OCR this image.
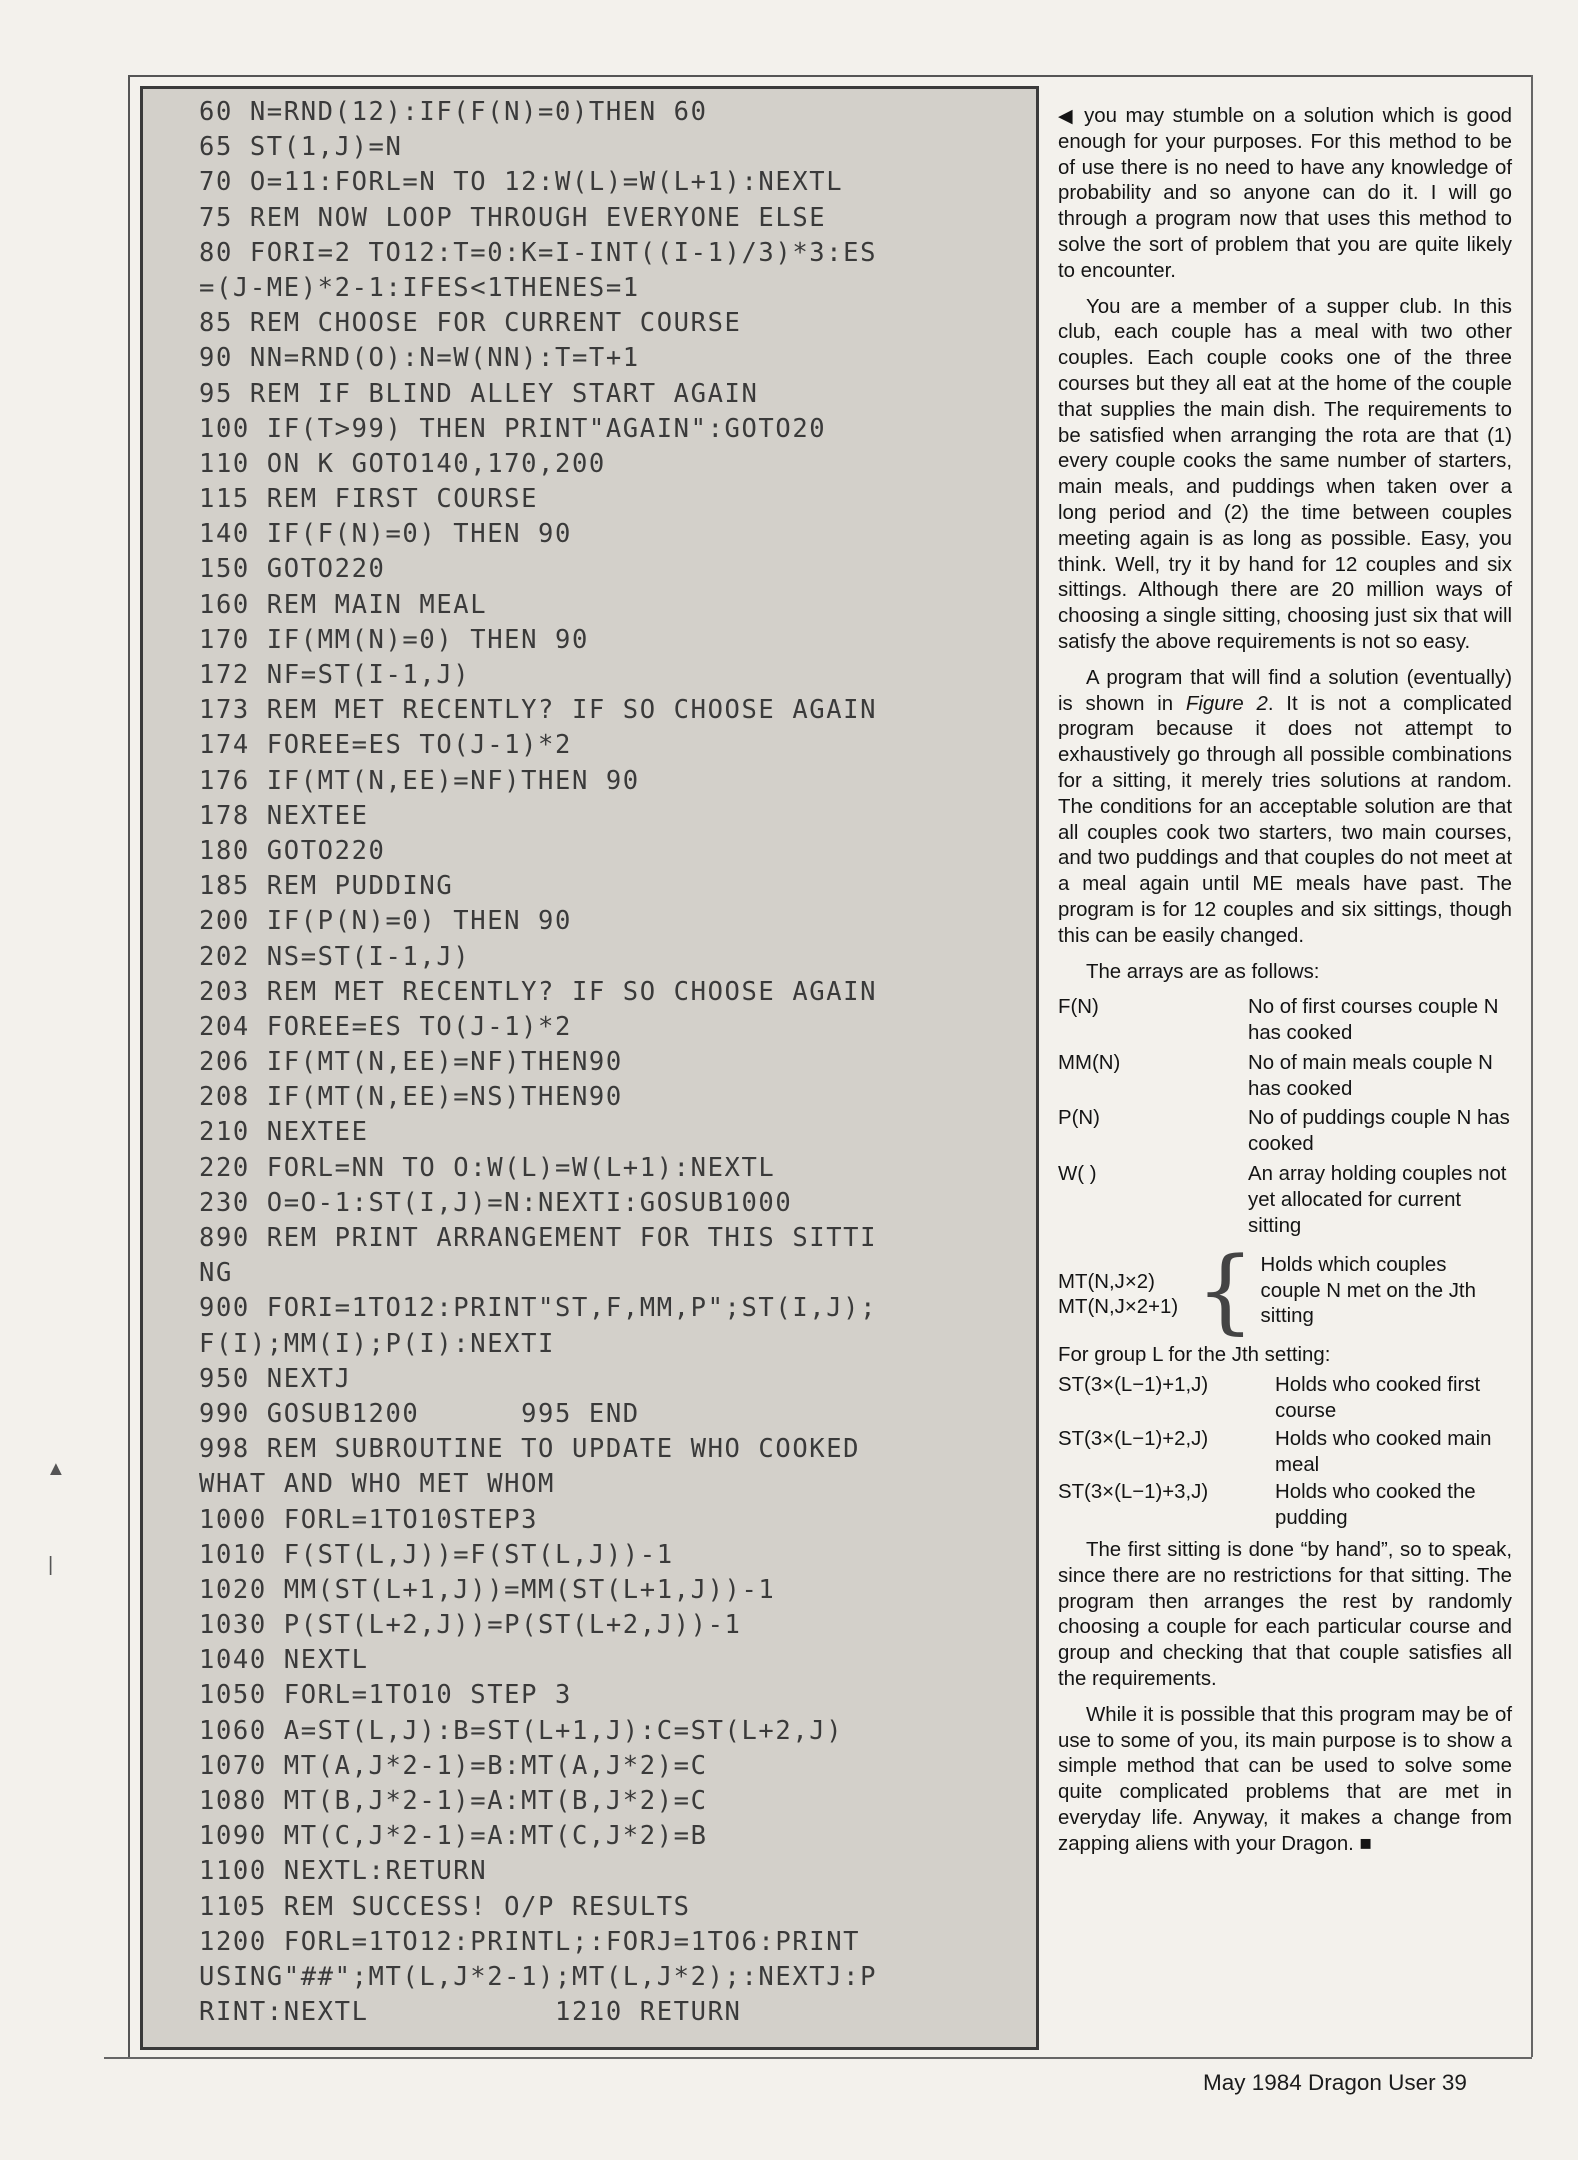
60 N=RND(12):IF(F(N)=0)THEN 60
65 ST(1,J)=N
70 O=11:FORL=N TO 12:W(L)=W(L+1):NEXTL
75 REM NOW LOOP THROUGH EVERYONE ELSE
80 FORI=2 TO12:T=0:K=I-INT((I-1)/3)*3:ES
=(J-ME)*2-1:IFES<1THENES=1
85 REM CHOOSE FOR CURRENT COURSE
90 NN=RND(O):N=W(NN):T=T+1
95 REM IF BLIND ALLEY START AGAIN
100 IF(T>99) THEN PRINT"AGAIN":GOTO20
110 ON K GOTO140,170,200
115 REM FIRST COURSE
140 IF(F(N)=0) THEN 90
150 GOTO220
160 REM MAIN MEAL
170 IF(MM(N)=0) THEN 90
172 NF=ST(I-1,J)
173 REM MET RECENTLY? IF SO CHOOSE AGAIN
174 FOREE=ES TO(J-1)*2
176 IF(MT(N,EE)=NF)THEN 90
178 NEXTEE
180 GOTO220
185 REM PUDDING
200 IF(P(N)=0) THEN 90
202 NS=ST(I-1,J)
203 REM MET RECENTLY? IF SO CHOOSE AGAIN
204 FOREE=ES TO(J-1)*2
206 IF(MT(N,EE)=NF)THEN90
208 IF(MT(N,EE)=NS)THEN90
210 NEXTEE
220 FORL=NN TO O:W(L)=W(L+1):NEXTL
230 O=O-1:ST(I,J)=N:NEXTI:GOSUB1000
890 REM PRINT ARRANGEMENT FOR THIS SITTI
NG
900 FORI=1TO12:PRINT"ST,F,MM,P";ST(I,J);
F(I);MM(I);P(I):NEXTI
950 NEXTJ
990 GOSUB1200      995 END
998 REM SUBROUTINE TO UPDATE WHO COOKED
WHAT AND WHO MET WHOM
1000 FORL=1TO10STEP3
1010 F(ST(L,J))=F(ST(L,J))-1
1020 MM(ST(L+1,J))=MM(ST(L+1,J))-1
1030 P(ST(L+2,J))=P(ST(L+2,J))-1
1040 NEXTL
1050 FORL=1TO10 STEP 3
1060 A=ST(L,J):B=ST(L+1,J):C=ST(L+2,J)
1070 MT(A,J*2-1)=B:MT(A,J*2)=C
1080 MT(B,J*2-1)=A:MT(B,J*2)=C
1090 MT(C,J*2-1)=A:MT(C,J*2)=B
1100 NEXTL:RETURN
1105 REM SUCCESS! O/P RESULTS
1200 FORL=1TO12:PRINTL;:FORJ=1TO6:PRINT
USING"##";MT(L,J*2-1);MT(L,J*2);:NEXTJ:P
RINT:NEXTL           1210 RETURN

◀ you may stumble on a solution which is good enough for your purposes. For this method to be of use there is no need to have any knowledge of probability and so anyone can do it. I will go through a program now that uses this method to solve the sort of problem that you are quite likely to encounter.

You are a member of a supper club. In this club, each couple has a meal with two other couples. Each couple cooks one of the three courses but they all eat at the home of the couple that supplies the main dish. The requirements to be satisfied when arranging the rota are that (1) every couple cooks the same number of starters, main meals, and puddings when taken over a long period and (2) the time between couples meeting again is as long as possible. Easy, you think. Well, try it by hand for 12 couples and six sittings. Although there are 20 million ways of choosing a single sitting, choosing just six that will satisfy the above requirements is not so easy.

A program that will find a solution (eventually) is shown in Figure 2. It is not a complicated program because it does not attempt to exhaustively go through all possible combinations for a sitting, it merely tries solutions at random. The conditions for an acceptable solution are that all couples cook two starters, two main courses, and two puddings and that couples do not meet at a meal again until ME meals have past. The program is for 12 couples and six sittings, though this can be easily changed.

The arrays are as follows:

F(N)	No of first courses couple N has cooked
MM(N)	No of main meals couple N has cooked
P(N)	No of puddings couple N has cooked
W( )	An array holding couples not yet allocated for current sitting
MT(N,J×2)
MT(N,J×2+1) { Holds which couples couple N met on the Jth sitting
For group L for the Jth setting:
ST(3×(L−1)+1,J)	Holds who cooked first course
ST(3×(L−1)+2,J)	Holds who cooked main meal
ST(3×(L−1)+3,J)	Holds who cooked the pudding

The first sitting is done “by hand”, so to speak, since there are no restrictions for that sitting. The program then arranges the rest by randomly choosing a couple for each particular course and group and checking that that couple satisfies all the requirements.

While it is possible that this program may be of use to some of you, its main purpose is to show a simple method that can be used to solve some quite complicated problems that are met in everyday life. Anyway, it makes a change from zapping aliens with your Dragon. ■

May 1984 Dragon User 39
▲
|
